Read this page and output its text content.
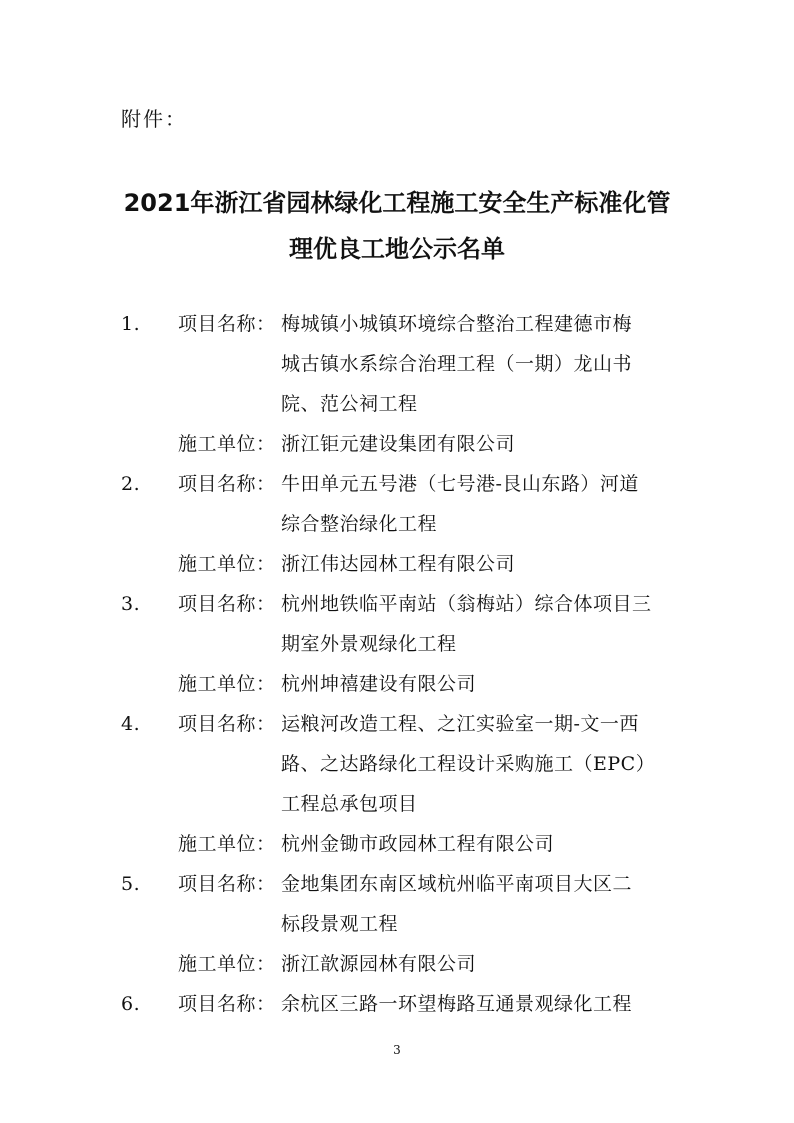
附件：
2021年浙江省园林绿化工程施工安全生产标准化管
理优良工地公示名单
1. 项目名称： 梅城镇小城镇环境综合整治工程建德市梅
城古镇水系综合治理工程（一期）龙山书
院、范公祠工程
施工单位： 浙江钜元建设集团有限公司
2. 项目名称： 牛田单元五号港（七号港-艮山东路）河道
综合整治绿化工程
施工单位： 浙江伟达园林工程有限公司
3. 项目名称： 杭州地铁临平南站（翁梅站）综合体项目三
期室外景观绿化工程
施工单位： 杭州坤禧建设有限公司
4. 项目名称： 运粮河改造工程、之江实验室一期-文一西
路、之达路绿化工程设计采购施工（EPC）
工程总承包项目
施工单位： 杭州金锄市政园林工程有限公司
5. 项目名称： 金地集团东南区域杭州临平南项目大区二
标段景观工程
施工单位： 浙江歆源园林有限公司
6. 项目名称： 余杭区三路一环望梅路互通景观绿化工程
3
